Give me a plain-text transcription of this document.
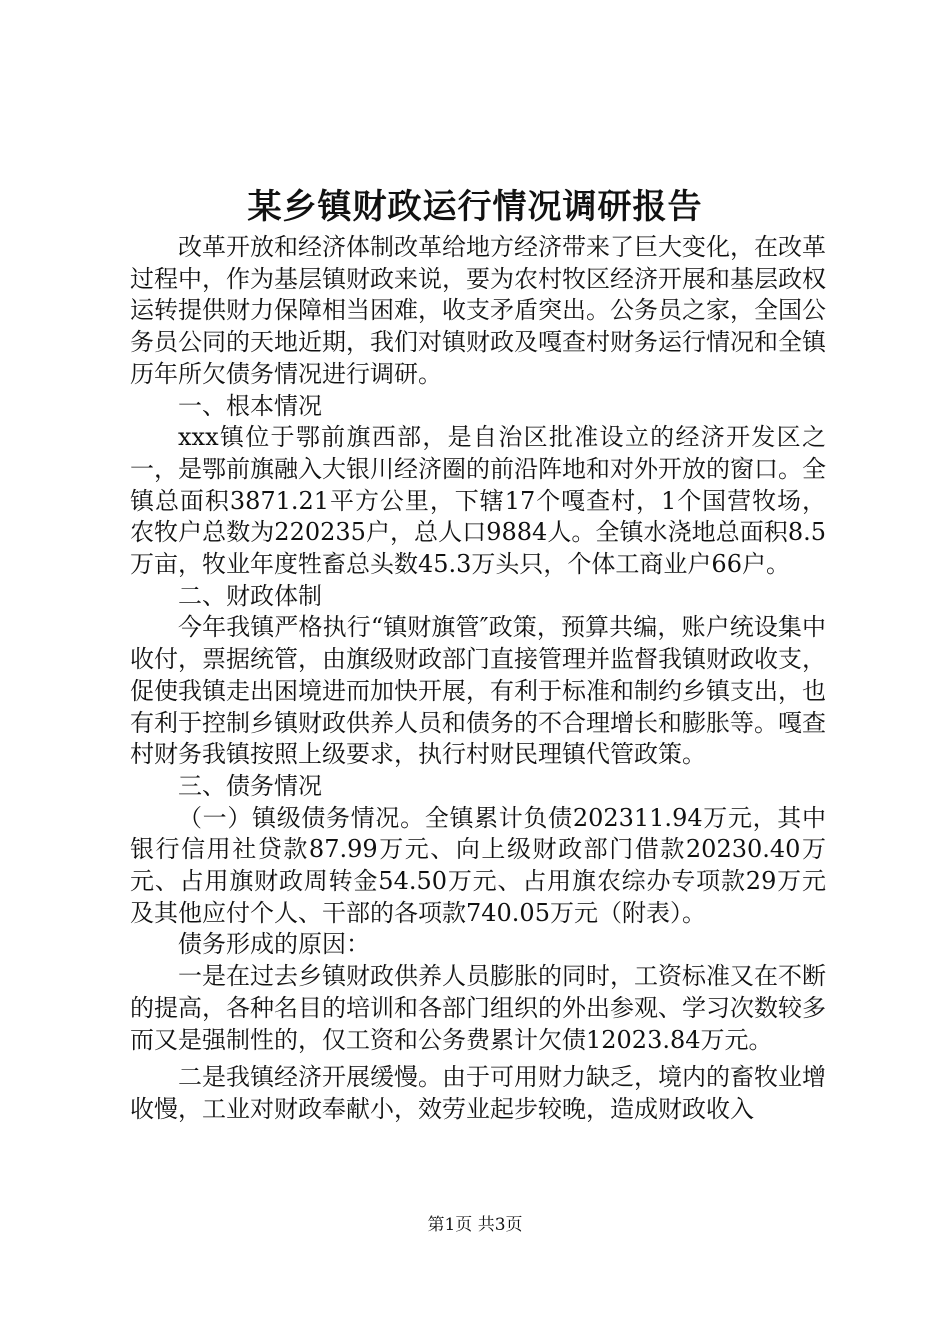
某乡镇财政运行情况调研报告

改革开放和经济体制改革给地方经济带来了巨大变化，在改革过程中，作为基层镇财政来说，要为农村牧区经济开展和基层政权运转提供财力保障相当困难，收支矛盾突出。公务员之家，全国公务员公同的天地近期，我们对镇财政及嘎查村财务运行情况和全镇历年所欠债务情况进行调研。

一、根本情况

xxx镇位于鄂前旗西部，是自治区批准设立的经济开发区之一，是鄂前旗融入大银川经济圈的前沿阵地和对外开放的窗口。全镇总面积3871.21平方公里，下辖17个嘎查村，1个国营牧场，农牧户总数为220235户，总人口9884人。全镇水浇地总面积8.5万亩，牧业年度牲畜总头数45.3万头只，个体工商业户66户。

二、财政体制

今年我镇严格执行“镇财旗管″政策，预算共编，账户统设集中收付，票据统管，由旗级财政部门直接管理并监督我镇财政收支，促使我镇走出困境进而加快开展，有利于标准和制约乡镇支出，也有利于控制乡镇财政供养人员和债务的不合理增长和膨胀等。嘎查村财务我镇按照上级要求，执行村财民理镇代管政策。

三、债务情况

（一）镇级债务情况。全镇累计负债202311.94万元，其中银行信用社贷款87.99万元、向上级财政部门借款20230.40万元、占用旗财政周转金54.50万元、占用旗农综办专项款29万元及其他应付个人、干部的各项款740.05万元（附表）。

债务形成的原因：

一是在过去乡镇财政供养人员膨胀的同时，工资标准又在不断的提高，各种名目的培训和各部门组织的外出参观、学习次数较多而又是强制性的，仅工资和公务费累计欠债12023.84万元。

二是我镇经济开展缓慢。由于可用财力缺乏，境内的畜牧业增收慢，工业对财政奉献小，效劳业起步较晚，造成财政收入

第1页 共3页
